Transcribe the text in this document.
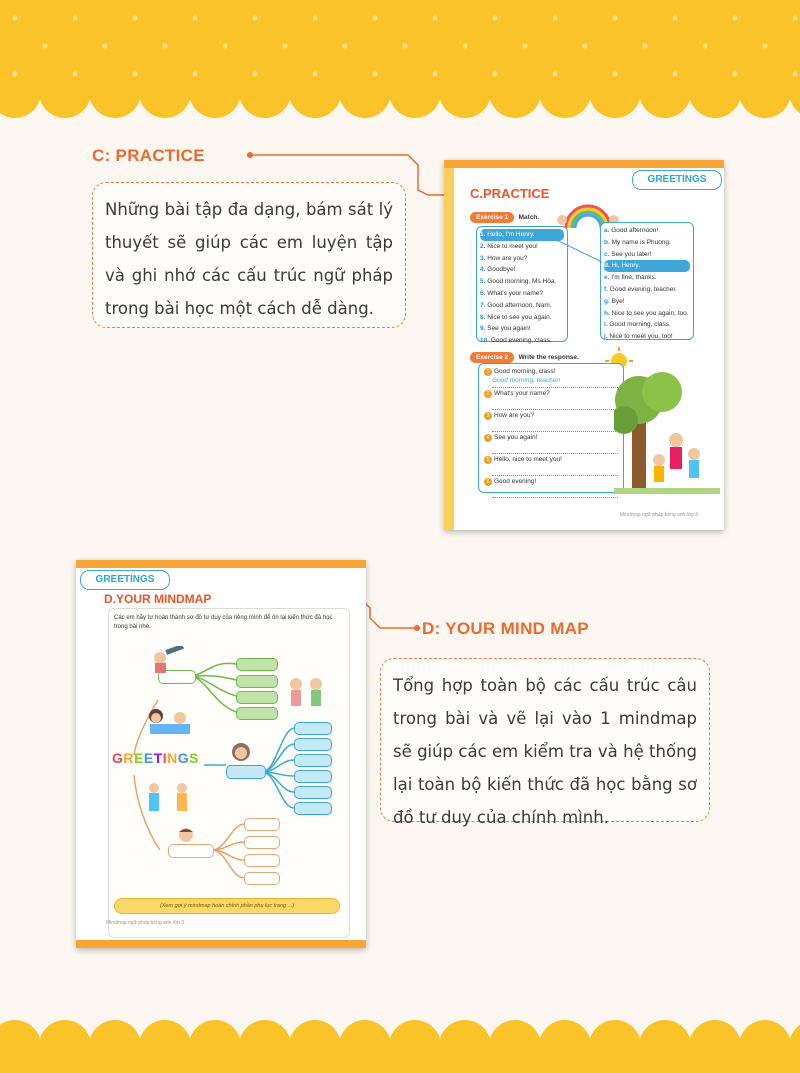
C: PRACTICE
Những bài tập đa dạng, bám sát lý thuyết sẽ giúp các em luyện tập và ghi nhớ các cấu trúc ngữ pháp trong bài học một cách dễ dàng.
GREETINGS
C.PRACTICE
Exercise 1 Match.
1. Hello, I'm Henry.
2. Nice to meet you!
3. How are you?
4. Goodbye!
5. Good morning, Ms Hòa.
6. What's your name?
7. Good afternoon, Nam.
8. Nice to see you again.
9. See you again!
10. Good evening, class.
a. Good afternoon!
b. My name is Phuong.
c. See you later!
d. Hi, Henry.
e. I'm fine, thanks.
f. Good evening, teacher.
g. Bye!
h. Nice to see you again, too.
i. Good morning, class.
j. Nice to meet you, too!
Exercise 2 Write the response.
1 Good morning, class!
Good morning, teacher!
2 What's your name?
3 How are you?
4 See you again!
5 Hello, nice to meet you!
6 Good evening!
Mindmap ngữ pháp tiếng anh lớp 3
GREETINGS
D.YOUR MINDMAP
Các em hãy tự hoàn thành sơ đồ tư duy của riêng mình để ôn lại kiến thức đã học trong bài nhé.
GREETINGS
(Xem gợi ý mindmap hoàn chỉnh phần phụ lục trang ...)
Mindmap ngữ pháp tiếng anh lớp 3
D: YOUR MIND MAP
Tổng hợp toàn bộ các cấu trúc câu trong bài và vẽ lại vào 1 mindmap sẽ giúp các em kiểm tra và hệ thống lại toàn bộ kiến thức đã học bằng sơ đồ tư duy của chính mình.
